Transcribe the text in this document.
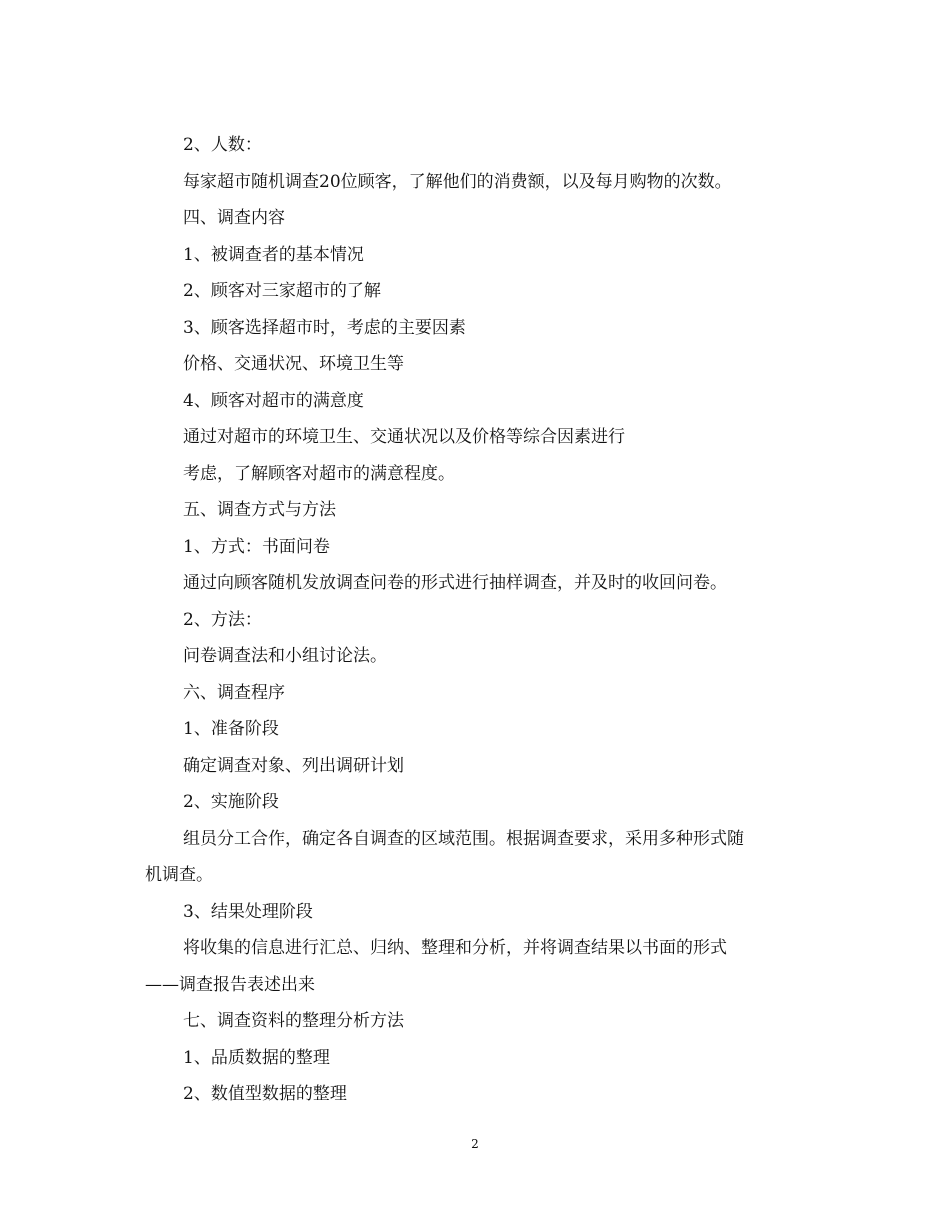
2、人数：
每家超市随机调查20位顾客，了解他们的消费额，以及每月购物的次数。
四、调查内容
1、被调查者的基本情况
2、顾客对三家超市的了解
3、顾客选择超市时，考虑的主要因素
价格、交通状况、环境卫生等
4、顾客对超市的满意度
通过对超市的环境卫生、交通状况以及价格等综合因素进行
考虑，了解顾客对超市的满意程度。
五、调查方式与方法
1、方式：书面问卷
通过向顾客随机发放调查问卷的形式进行抽样调查，并及时的收回问卷。
2、方法：
问卷调查法和小组讨论法。
六、调查程序
1、准备阶段
确定调查对象、列出调研计划
2、实施阶段
组员分工合作，确定各自调查的区域范围。根据调查要求，采用多种形式随
机调查。
3、结果处理阶段
将收集的信息进行汇总、归纳、整理和分析，并将调查结果以书面的形式
——调查报告表述出来
七、调查资料的整理分析方法
1、品质数据的整理
2、数值型数据的整理
2
